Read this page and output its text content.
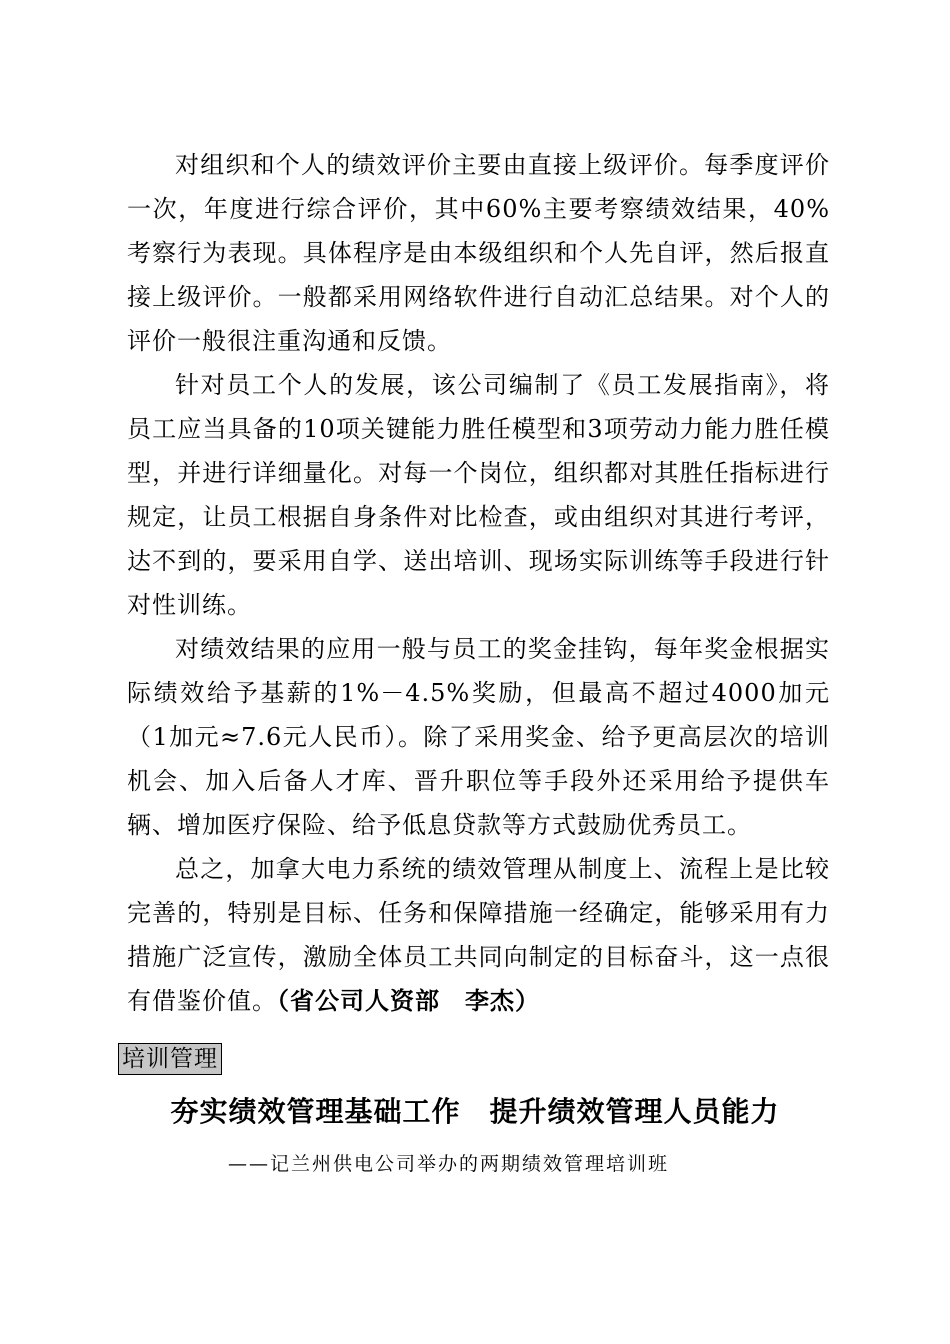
对组织和个人的绩效评价主要由直接上级评价。每季度评价一次，年度进行综合评价，其中60%主要考察绩效结果，40%考察行为表现。具体程序是由本级组织和个人先自评，然后报直接上级评价。一般都采用网络软件进行自动汇总结果。对个人的评价一般很注重沟通和反馈。

针对员工个人的发展，该公司编制了《员工发展指南》，将员工应当具备的10项关键能力胜任模型和3项劳动力能力胜任模型，并进行详细量化。对每一个岗位，组织都对其胜任指标进行规定，让员工根据自身条件对比检查，或由组织对其进行考评，达不到的，要采用自学、送出培训、现场实际训练等手段进行针对性训练。

对绩效结果的应用一般与员工的奖金挂钩，每年奖金根据实际绩效给予基薪的1%－4.5%奖励，但最高不超过4000加元（1加元≈7.6元人民币）。除了采用奖金、给予更高层次的培训机会、加入后备人才库、晋升职位等手段外还采用给予提供车辆、增加医疗保险、给予低息贷款等方式鼓励优秀员工。

总之，加拿大电力系统的绩效管理从制度上、流程上是比较完善的，特别是目标、任务和保障措施一经确定，能够采用有力措施广泛宣传，激励全体员工共同向制定的目标奋斗，这一点很有借鉴价值。（省公司人资部　李杰）

培训管理
夯实绩效管理基础工作　提升绩效管理人员能力
——记兰州供电公司举办的两期绩效管理培训班
